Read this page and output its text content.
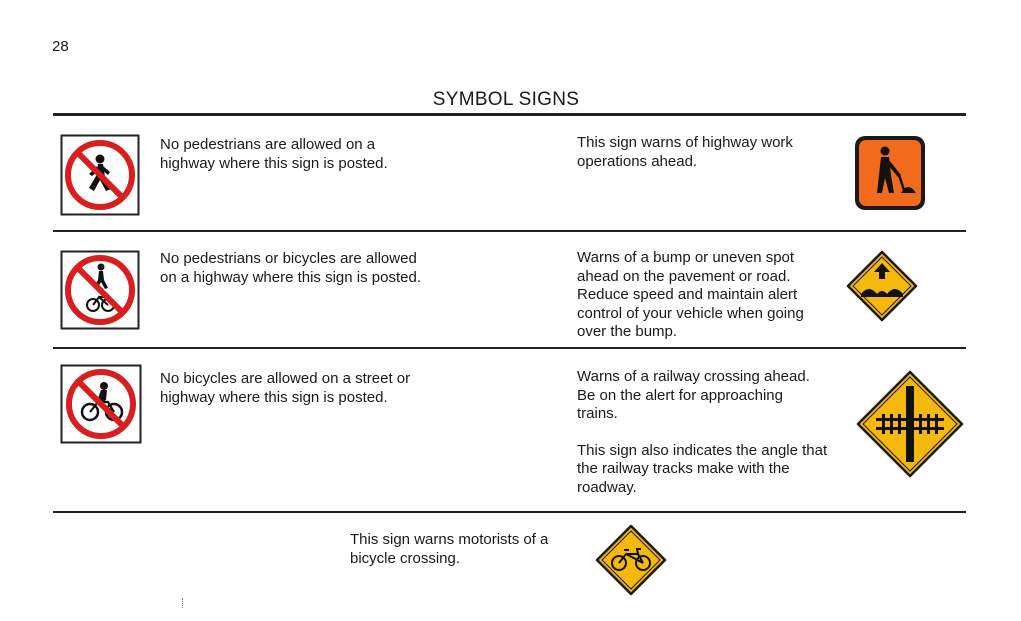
28
SYMBOL SIGNS

No pedestrians are allowed on a

highway where this sign is posted.

This sign warns of highway work

operations ahead.

No pedestrians or bicycles are allowed

on a highway where this sign is posted.

Warns of a bump or uneven spot

ahead on the pavement or road.

Reduce speed and maintain alert

control of your vehicle when going

over the bump.

No bicycles are allowed on a street or

highway where this sign is posted.

Warns of a railway crossing ahead.

Be on the alert for approaching

trains.

This sign also indicates the angle that

the railway tracks make with the

roadway.

This sign warns motorists of a

bicycle crossing.
